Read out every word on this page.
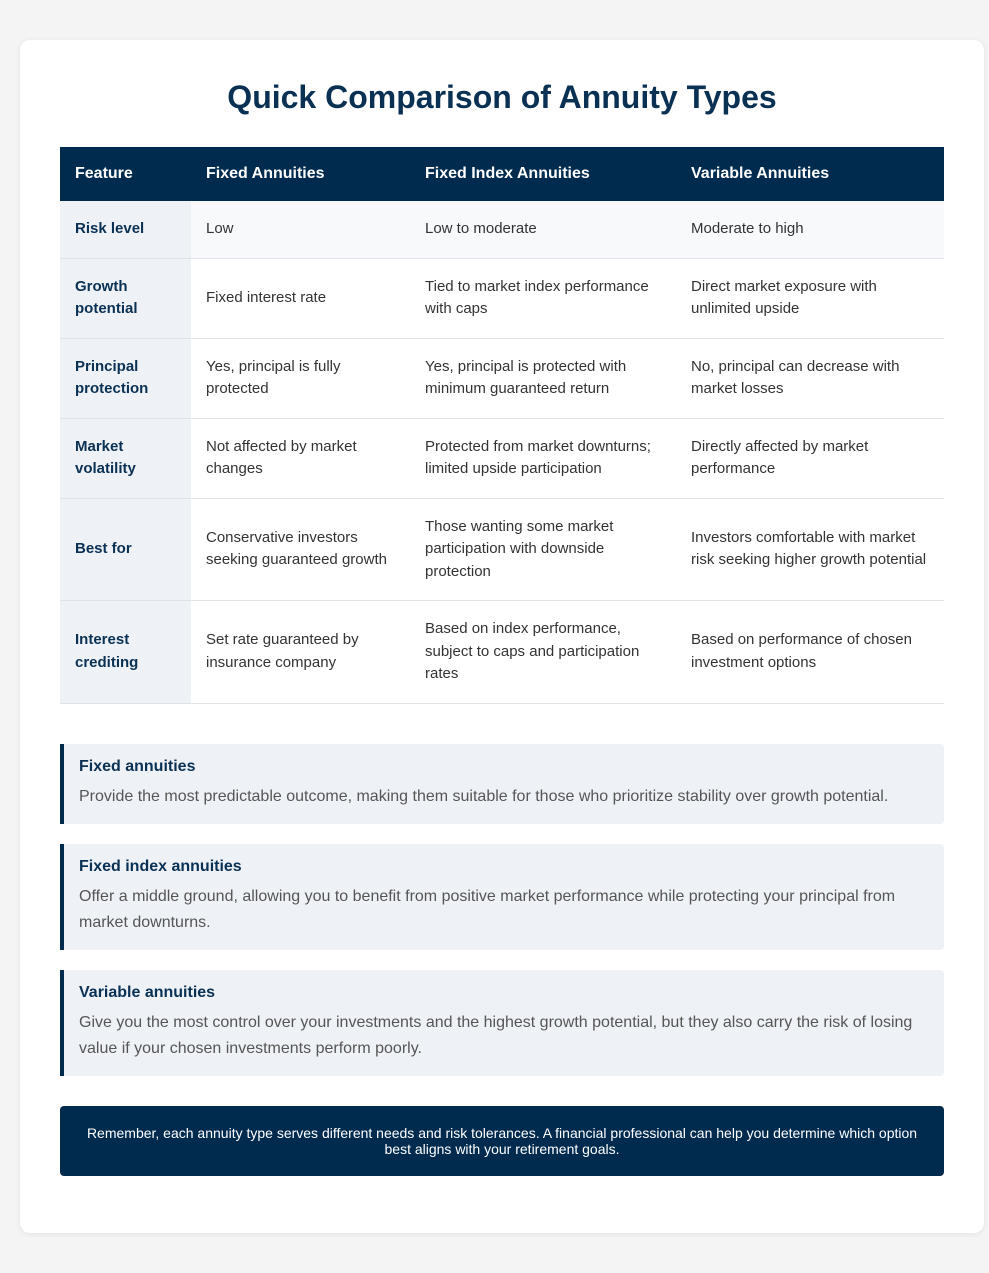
Quick Comparison of Annuity Types
Feature	Fixed Annuities	Fixed Index Annuities	Variable Annuities
Risk level	Low	Low to moderate	Moderate to high
Growth potential	Fixed interest rate	Tied to market index performance with caps	Direct market exposure with unlimited upside
Principal protection	Yes, principal is fully protected	Yes, principal is protected with minimum guaranteed return	No, principal can decrease with market losses
Market volatility	Not affected by market changes	Protected from market downturns; limited upside participation	Directly affected by market performance
Best for	Conservative investors seeking guaranteed growth	Those wanting some market participation with downside protection	Investors comfortable with market risk seeking higher growth potential
Interest crediting	Set rate guaranteed by insurance company	Based on index performance, subject to caps and participation rates	Based on performance of chosen investment options
Fixed annuities
Provide the most predictable outcome, making them suitable for those who prioritize stability over growth potential.
Fixed index annuities
Offer a middle ground, allowing you to benefit from positive market performance while protecting your principal from market downturns.
Variable annuities
Give you the most control over your investments and the highest growth potential, but they also carry the risk of losing value if your chosen investments perform poorly.
Remember, each annuity type serves different needs and risk tolerances. A financial professional can help you determine which option best aligns with your retirement goals.
